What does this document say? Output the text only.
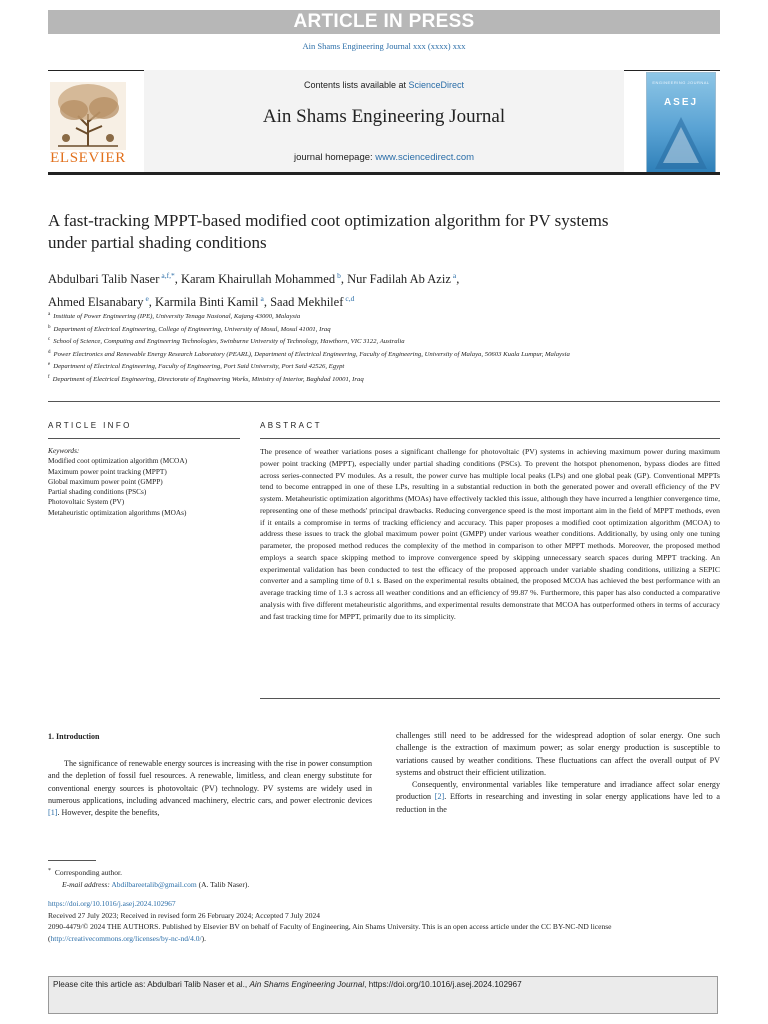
ARTICLE IN PRESS
Ain Shams Engineering Journal xxx (xxxx) xxx
ELSEVIER
Contents lists available at ScienceDirect
Ain Shams Engineering Journal
journal homepage: www.sciencedirect.com
ENGINEERING JOURNAL
ASEJ
A fast-tracking MPPT-based modified coot optimization algorithm for PV systems under partial shading conditions
Abdulbari Talib Naser $^{a,f,*}$, Karam Khairullah Mohammed $^b$, Nur Fadilah Ab Aziz $^a$,
Ahmed Elsanabary $^e$, Karmila Binti Kamil $^a$, Saad Mekhilef $^{c,d}$
$^a$ Institute of Power Engineering (IPE), University Tenaga Nasional, Kajang 43000, Malaysia
$^b$ Department of Electrical Engineering, College of Engineering, University of Mosul, Mosul 41001, Iraq
$^c$ School of Science, Computing and Engineering Technologies, Swinburne University of Technology, Hawthorn, VIC 3122, Australia
$^d$ Power Electronics and Renewable Energy Research Laboratory (PEARL), Department of Electrical Engineering, Faculty of Engineering, University of Malaya, 50603 Kuala Lumpur, Malaysia
$^e$ Department of Electrical Engineering, Faculty of Engineering, Port Said University, Port Said 42526, Egypt
$^f$ Department of Electrical Engineering, Directorate of Engineering Works, Ministry of Interior, Baghdad 10001, Iraq
ARTICLE INFO	ABSTRACT
Keywords:
Modified coot optimization algorithm (MCOA)
Maximum power point tracking (MPPT)
Global maximum power point (GMPP)
Partial shading conditions (PSCs)
Photovoltaic System (PV)
Metaheuristic optimization algorithms (MOAs)
The presence of weather variations poses a significant challenge for photovoltaic (PV) systems in achieving maximum power during maximum power point tracking (MPPT), especially under partial shading conditions (PSCs). To prevent the hotspot phenomenon, bypass diodes are fitted across series-connected PV modules. As a result, the power curve has multiple local peaks (LPs) and one global peak (GP). Conventional MPPTs tend to become entrapped in one of these LPs, resulting in a substantial reduction in both the generated power and overall efficiency of the PV system. Metaheuristic optimization algorithms (MOAs) have effectively tackled this issue, although they have incurred a lengthier convergence time, representing one of these methods' principal drawbacks. Reducing convergence speed is the most important aim in the field of MPPT methods, even if it entails a compromise in terms of tracking efficiency and accuracy. This paper proposes a modified coot optimization algorithm (MCOA) to address these issues to track the global maximum power point (GMPP) under various weather conditions. Additionally, by using only one tuning parameter, the proposed method reduces the complexity of the method in comparison to other MPPT methods. Moreover, the proposed method employs a search space skipping method to improve convergence speed by skipping unnecessary search spaces during MPPT tracking. An experimental validation has been conducted to test the efficacy of the proposed approach under variable shading conditions, utilizing a SEPIC converter and a sampling time of 0.1 s. Based on the experimental results obtained, the proposed MCOA has achieved the best performance with an average tracking time of 1.3 s across all weather conditions and an efficiency of 99.87 %. Furthermore, this paper has also conducted a comparative analysis with five different metaheuristic algorithms, and experimental results demonstrate that MCOA has outperformed others in terms of accuracy and fast tracking time for MPPT, primarily due to its simplicity.
1. Introduction

The significance of renewable energy sources is increasing with the rise in power consumption and the depletion of fossil fuel resources. A renewable, limitless, and clean energy substitute for conventional energy sources is photovoltaic (PV) technology. PV systems are widely used in numerous applications, including advanced machinery, electric cars, and power electronic devices [1]. However, despite the benefits,

challenges still need to be addressed for the widespread adoption of solar energy. One such challenge is the extraction of maximum power; as solar energy production is susceptible to variations caused by weather conditions. These fluctuations can affect the overall output of PV systems and obstruct their efficient utilization.

Consequently, environmental variables like temperature and irradiance affect solar energy production [2]. Efforts in researching and investing in solar energy applications have led to a reduction in the

* Corresponding author.
E-mail address: Abdilbareetalib@gmail.com (A. Talib Naser).
https://doi.org/10.1016/j.asej.2024.102967
Received 27 July 2023; Received in revised form 26 February 2024; Accepted 7 July 2024
2090-4479/© 2024 THE AUTHORS. Published by Elsevier BV on behalf of Faculty of Engineering, Ain Shams University. This is an open access article under the CC BY-NC-ND license (http://creativecommons.org/licenses/by-nc-nd/4.0/).
Please cite this article as: Abdulbari Talib Naser et al., Ain Shams Engineering Journal, https://doi.org/10.1016/j.asej.2024.102967
